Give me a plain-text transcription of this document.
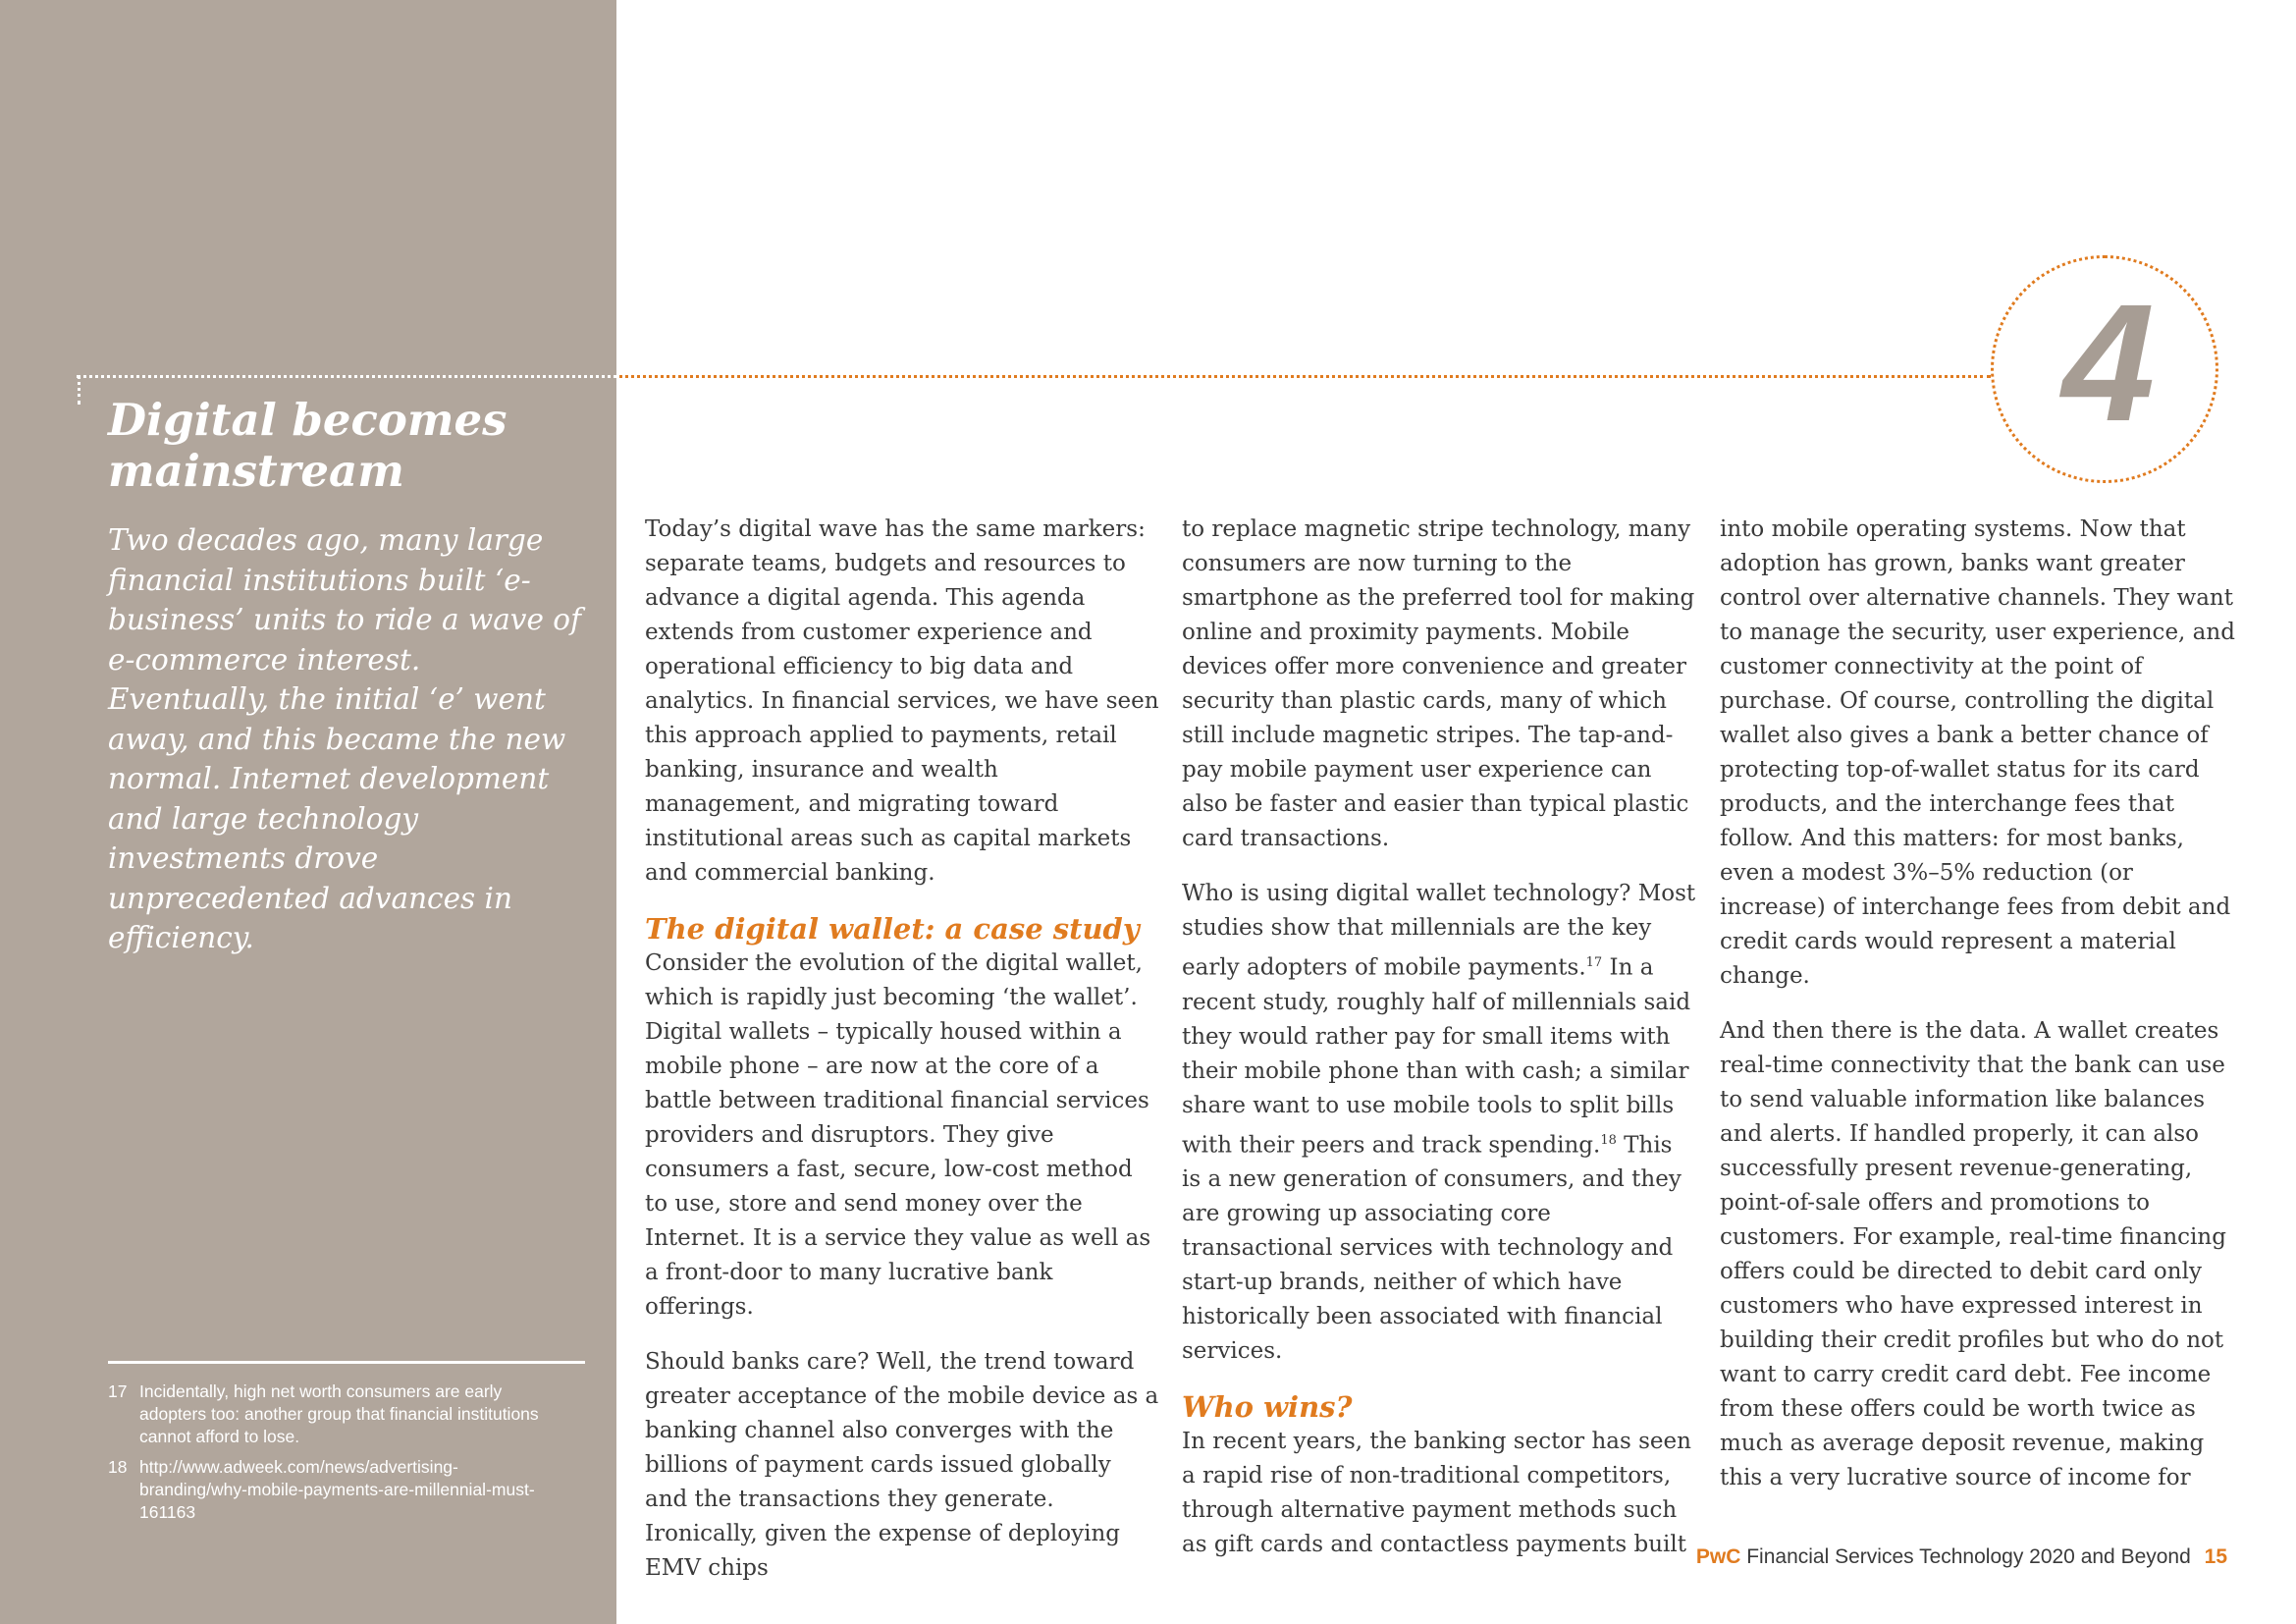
4
Digital becomes mainstream

Two decades ago, many large financial institutions built ‘e-business’ units to ride a wave of e-commerce interest. Eventually, the initial ‘e’ went away, and this became the new normal. Internet development and large technology investments drove unprecedented advances in efficiency.

17 Incidentally, high net worth consumers are early adopters too: another group that financial institutions cannot afford to lose.
18 http://www.adweek.com/news/advertising-branding/why-mobile-payments-are-millennial-must-161163

Today’s digital wave has the same markers: separate teams, budgets and resources to advance a digital agenda. This agenda extends from customer experience and operational efficiency to big data and analytics. In financial services, we have seen this approach applied to payments, retail banking, insurance and wealth management, and migrating toward institutional areas such as capital markets and commercial banking.

The digital wallet: a case study

Consider the evolution of the digital wallet, which is rapidly just becoming ‘the wallet’. Digital wallets – typically housed within a mobile phone – are now at the core of a battle between traditional financial services providers and disruptors. They give consumers a fast, secure, low-cost method to use, store and send money over the Internet. It is a service they value as well as a front-door to many lucrative bank offerings.

Should banks care? Well, the trend toward greater acceptance of the mobile device as a banking channel also converges with the billions of payment cards issued globally and the transactions they generate. Ironically, given the expense of deploying EMV chips

to replace magnetic stripe technology, many consumers are now turning to the smartphone as the preferred tool for making online and proximity payments. Mobile devices offer more convenience and greater security than plastic cards, many of which still include magnetic stripes. The tap-and-pay mobile payment user experience can also be faster and easier than typical plastic card transactions.

Who is using digital wallet technology? Most studies show that millennials are the key early adopters of mobile payments.$^{17}$ In a recent study, roughly half of millennials said they would rather pay for small items with their mobile phone than with cash; a similar share want to use mobile tools to split bills with their peers and track spending.$^{18}$ This is a new generation of consumers, and they are growing up associating core transactional services with technology and start-up brands, neither of which have historically been associated with financial services.

Who wins?

In recent years, the banking sector has seen a rapid rise of non-traditional competitors, through alternative payment methods such as gift cards and contactless payments built

into mobile operating systems. Now that adoption has grown, banks want greater control over alternative channels. They want to manage the security, user experience, and customer connectivity at the point of purchase. Of course, controlling the digital wallet also gives a bank a better chance of protecting top-of-wallet status for its card products, and the interchange fees that follow. And this matters: for most banks, even a modest 3%–5% reduction (or increase) of interchange fees from debit and credit cards would represent a material change.

And then there is the data. A wallet creates real-time connectivity that the bank can use to send valuable information like balances and alerts. If handled properly, it can also successfully present revenue-generating, point-of-sale offers and promotions to customers. For example, real-time financing offers could be directed to debit card only customers who have expressed interest in building their credit profiles but who do not want to carry credit card debt. Fee income from these offers could be worth twice as much as average deposit revenue, making this a very lucrative source of income for

PwC Financial Services Technology 2020 and Beyond 15
